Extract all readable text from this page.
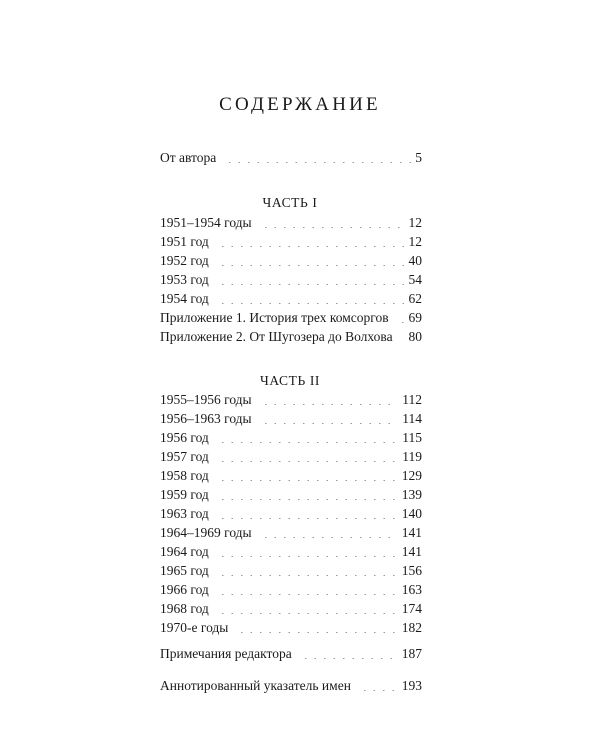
СОДЕРЖАНИЕ
От автора	5
ЧАСТЬ I
1951–1954 годы	12
1951 год	12
1952 год	40
1953 год	54
1954 год	62
Приложение 1. История трех комсоргов	69
Приложение 2. От Шугозера до Волхова	80
ЧАСТЬ II
1955–1956 годы	112
1956–1963 годы	114
1956 год	115
1957 год	119
1958 год	129
1959 год	139
1963 год	140
1964–1969 годы	141
1964 год	141
1965 год	156
1966 год	163
1968 год	174
1970-е годы	182
Примечания редактора	187
Аннотированный указатель имен	193
